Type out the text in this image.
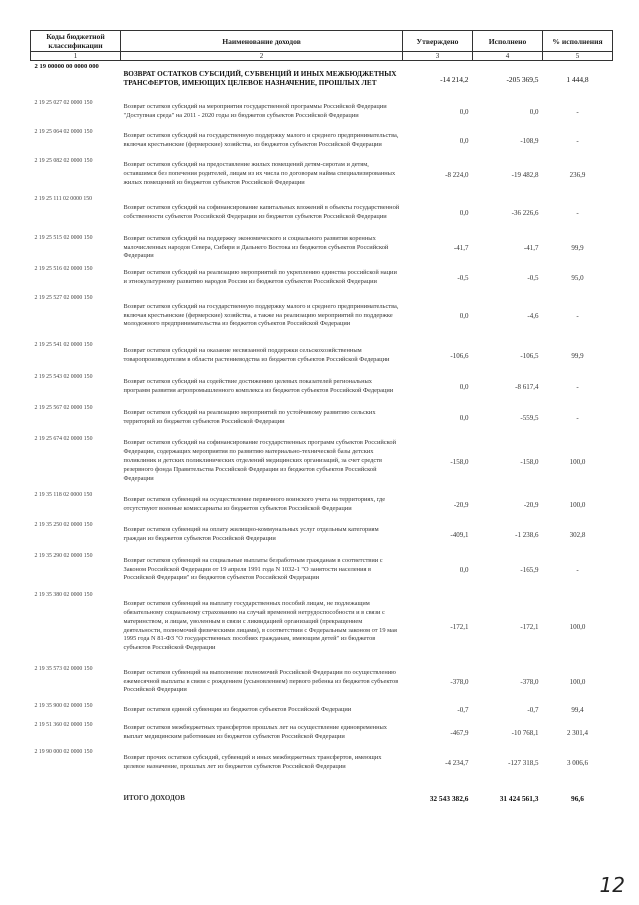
Коды бюджетной классификации	Наименование доходов	Утверждено	Исполнено	% исполнения
1	2	3	4	5
2 19 00000 00 0000 000	ВОЗВРАТ ОСТАТКОВ СУБСИДИЙ, СУБВЕНЦИЙ И ИНЫХ МЕЖБЮДЖЕТНЫХ ТРАНСФЕРТОВ, ИМЕЮЩИХ ЦЕЛЕВОЕ НАЗНАЧЕНИЕ, ПРОШЛЫХ ЛЕТ	-14 214,2	-205 369,5	1 444,8
2 19 25 027 02 0000 150	Возврат остатков субсидий на мероприятия государственной программы Российской Федерации "Доступная среда" на 2011 - 2020 годы из бюджетов субъектов Российской Федерации	0,0	0,0	-
2 19 25 064 02 0000 150	Возврат остатков субсидий на государственную поддержку малого и среднего предпринимательства, включая крестьянские (фермерские) хозяйства, из бюджетов субъектов Российской Федерации	0,0	-108,9	-
2 19 25 082 02 0000 150	Возврат остатков субсидий на предоставление жилых помещений детям-сиротам и детям, оставшимся без попечения родителей, лицам из их числа по договорам найма специализированных жилых помещений из бюджетов субъектов Российской Федерации	-8 224,0	-19 482,8	236,9
2 19 25 111 02 0000 150	Возврат остатков субсидий на софинансирование капитальных вложений в объекты государственной собственности субъектов Российской Федерации из бюджетов субъектов Российской Федерации	0,0	-36 226,6	-
2 19 25 515 02 0000 150	Возврат остатков субсидий на поддержку экономического и социального развития коренных малочисленных народов Севера, Сибири и Дальнего Востока из бюджетов субъектов Российской Федерации	-41,7	-41,7	99,9
2 19 25 516 02 0000 150	Возврат остатков субсидий на реализацию мероприятий по укреплению единства российской нации и этнокультурному развитию народов России из бюджетов субъектов Российской Федерации	-0,5	-0,5	95,0
2 19 25 527 02 0000 150	Возврат остатков субсидий на государственную поддержку малого и среднего предпринимательства, включая крестьянские (фермерские) хозяйства, а также на реализацию мероприятий по поддержке молодежного предпринимательства из бюджетов субъектов Российской Федерации	0,0	-4,6	-
2 19 25 541 02 0000 150	Возврат остатков субсидий на оказание несвязанной поддержки сельскохозяйственным товаропроизводителям в области растениеводства из бюджетов субъектов Российской Федерации	-106,6	-106,5	99,9
2 19 25 543 02 0000 150	Возврат остатков субсидий на содействие достижению целевых показателей региональных программ развития агропромышленного комплекса из бюджетов субъектов Российской Федерации	0,0	-8 617,4	-
2 19 25 567 02 0000 150	Возврат остатков субсидий на реализацию мероприятий по устойчивому развитию сельских территорий из бюджетов субъектов Российской Федерации	0,0	-559,5	-
2 19 25 674 02 0000 150	Возврат остатков субсидий на софинансирование государственных программ субъектов Российской Федерации, содержащих мероприятия по развитию материально-технической базы детских поликлиник и детских поликлинических отделений медицинских организаций, за счет средств резервного фонда Правительства Российской Федерации из бюджетов субъектов Российской Федерации	-158,0	-158,0	100,0
2 19 35 118 02 0000 150	Возврат остатков субвенций на осуществление первичного воинского учета на территориях, где отсутствуют военные комиссариаты из бюджетов субъектов Российской Федерации	-20,9	-20,9	100,0
2 19 35 250 02 0000 150	Возврат остатков субвенций на оплату жилищно-коммунальных услуг отдельным категориям граждан из бюджетов субъектов Российской Федерации	-409,1	-1 238,6	302,8
2 19 35 290 02 0000 150	Возврат остатков субвенций на социальные выплаты безработным гражданам в соответствии с Законом Российской Федерации от 19 апреля 1991 года N 1032-1 "О занятости населения в Российской Федерации" из бюджетов субъектов Российской Федерации	0,0	-165,9	-
2 19 35 380 02 0000 150	Возврат остатков субвенций на выплату государственных пособий лицам, не подлежащим обязательному социальному страхованию на случай временной нетрудоспособности и в связи с материнством, и лицам, уволенным в связи с ликвидацией организаций (прекращением деятельности, полномочий физическими лицами), в соответствии с Федеральным законом от 19 мая 1995 года N 81-ФЗ "О государственных пособиях гражданам, имеющим детей" из бюджетов субъектов Российской Федерации	-172,1	-172,1	100,0
2 19 35 573 02 0000 150	Возврат остатков субвенций на выполнение полномочий Российской Федерации по осуществлению ежемесячной выплаты в связи с рождением (усыновлением) первого ребенка из бюджетов субъектов Российской Федерации	-378,0	-378,0	100,0
2 19 35 900 02 0000 150	Возврат остатков единой субвенции из бюджетов субъектов Российской Федерации	-0,7	-0,7	99,4
2 19 51 360 02 0000 150	Возврат остатков межбюджетных трансфертов прошлых лет на осуществление единовременных выплат медицинским работникам из бюджетов субъектов Российской Федерации	-467,9	-10 768,1	2 301,4
2 19 90 000 02 0000 150	Возврат прочих остатков субсидий, субвенций и иных межбюджетных трансфертов, имеющих целевое назначение, прошлых лет из бюджетов субъектов Российской Федерации	-4 234,7	-127 318,5	3 006,6
	ИТОГО ДОХОДОВ	32 543 382,6	31 424 561,3	96,6
12
